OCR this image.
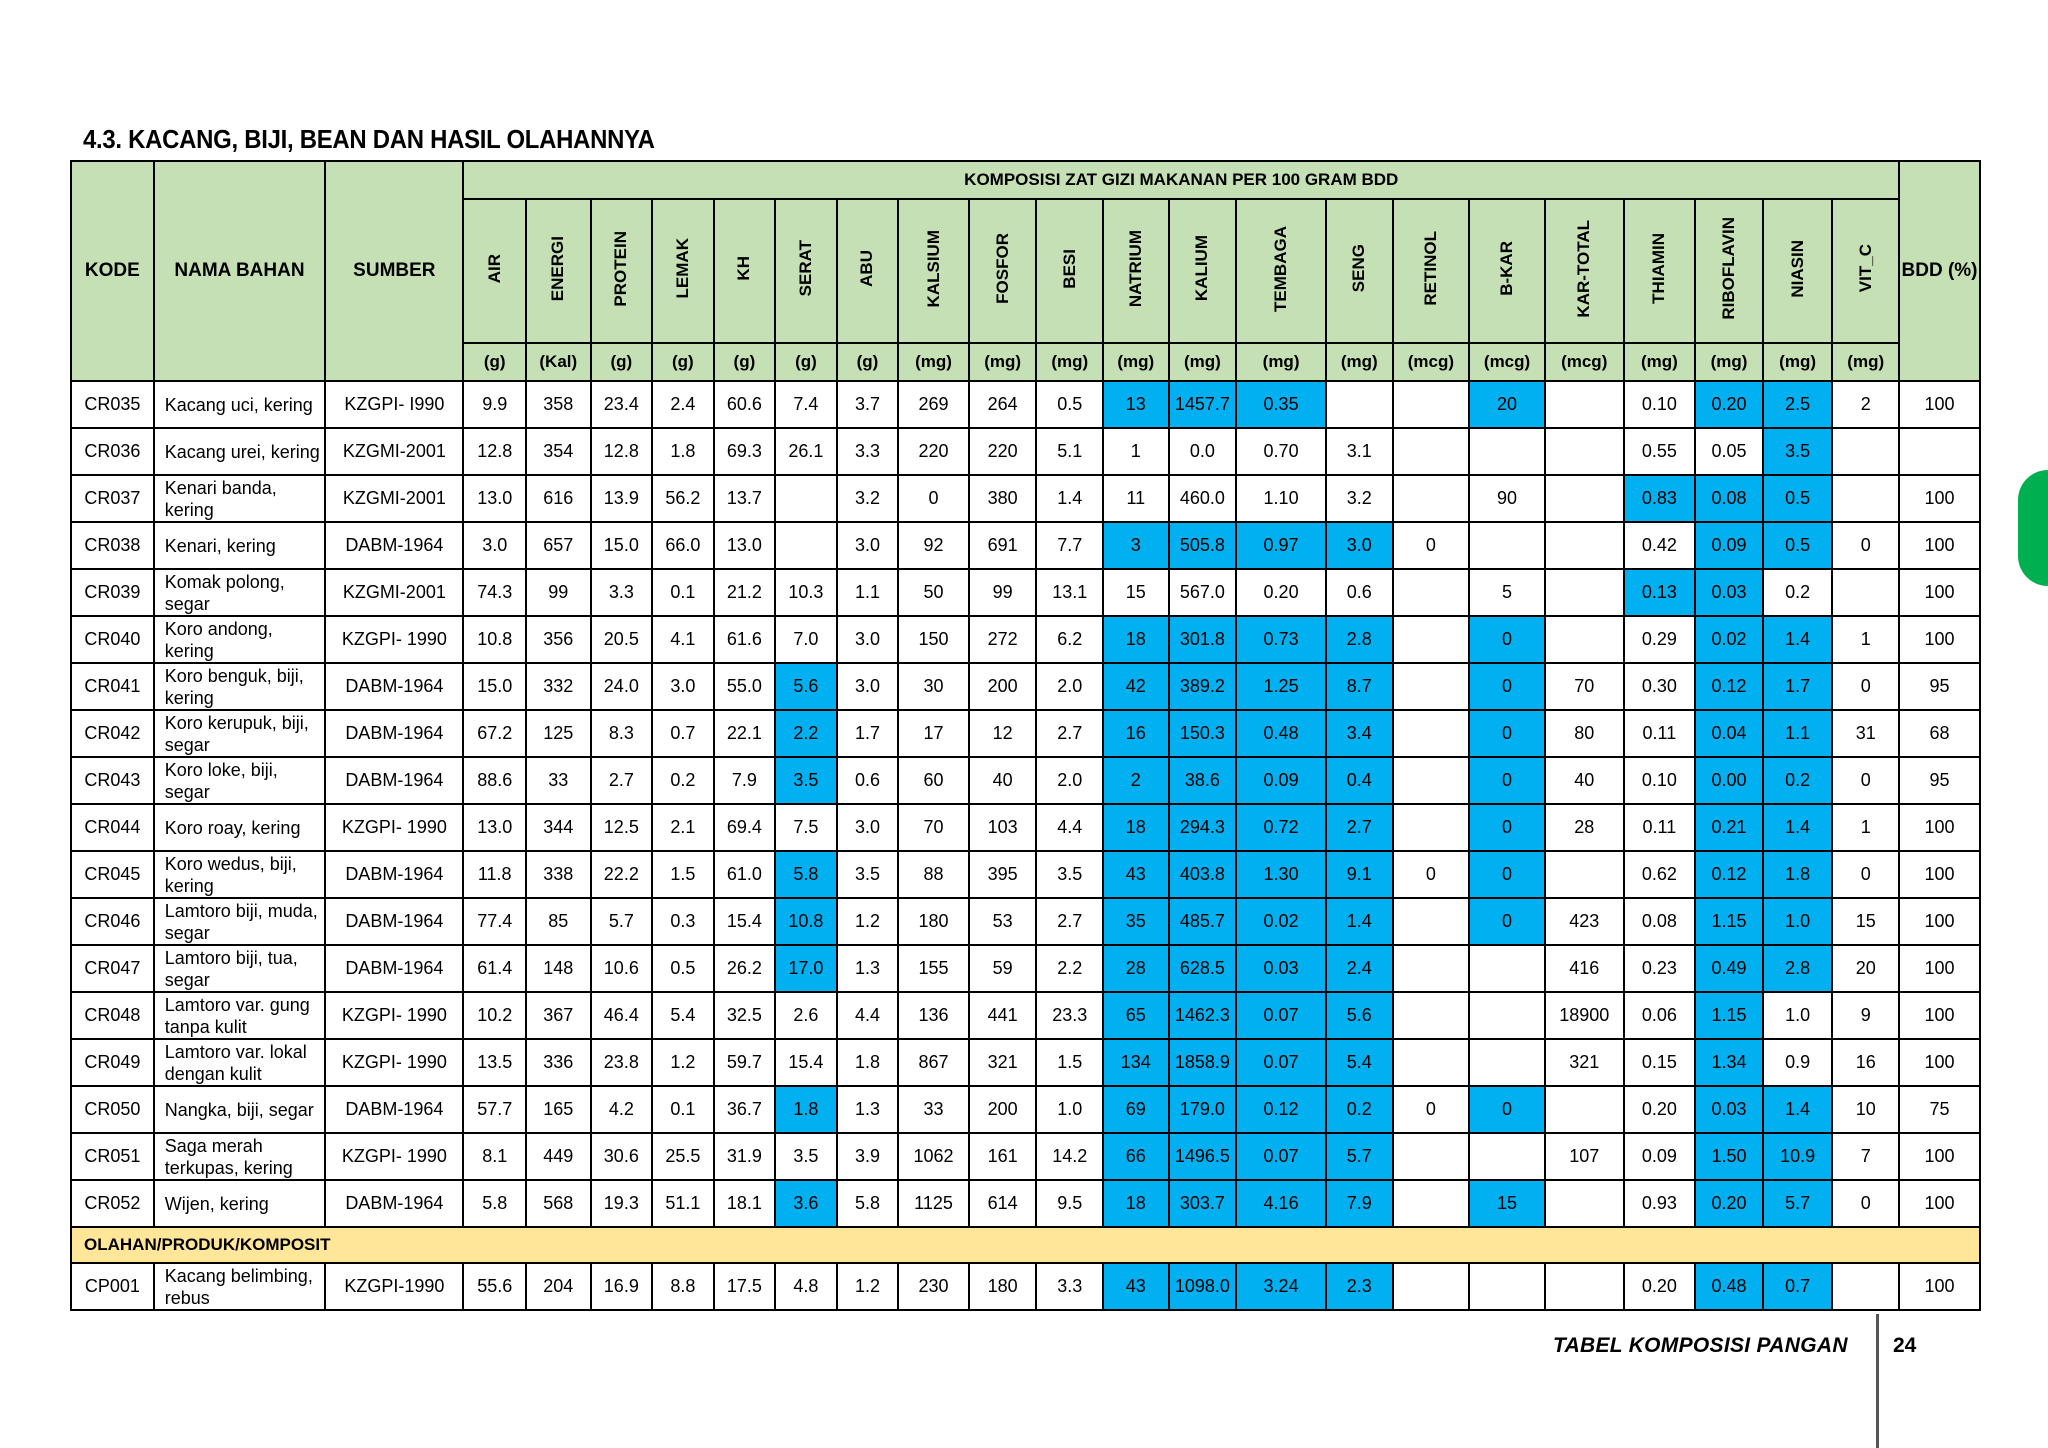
4.3. KACANG, BIJI, BEAN DAN HASIL OLAHANNYA
KODE	NAMA BAHAN	SUMBER	KOMPOSISI ZAT GIZI MAKANAN PER 100 GRAM BDD																					BDD (%)
			AIR	ENERGI	PROTEIN	LEMAK	KH	SERAT	ABU	KALSIUM	FOSFOR	BESI	NATRIUM	KALIUM	TEMBAGA	SENG	RETINOL	B-KAR	KAR-TOTAL	THIAMIN	RIBOFLAVIN	NIASIN	VIT_C	
			(g)	(Kal)	(g)	(g)	(g)	(g)	(g)	(mg)	(mg)	(mg)	(mg)	(mg)	(mg)	(mg)	(mcg)	(mcg)	(mcg)	(mg)	(mg)	(mg)	(mg)	
CR035	Kacang uci, kering	KZGPI- I990	9.9	358	23.4	2.4	60.6	7.4	3.7	269	264	0.5	13	1457.7	0.35			20		0.10	0.20	2.5	2	100
CR036	Kacang urei, kering	KZGMI-2001	12.8	354	12.8	1.8	69.3	26.1	3.3	220	220	5.1	1	0.0	0.70	3.1				0.55	0.05	3.5		
CR037	Kenari banda, kering	KZGMI-2001	13.0	616	13.9	56.2	13.7		3.2	0	380	1.4	11	460.0	1.10	3.2		90		0.83	0.08	0.5		100
CR038	Kenari, kering	DABM-1964	3.0	657	15.0	66.0	13.0		3.0	92	691	7.7	3	505.8	0.97	3.0	0			0.42	0.09	0.5	0	100
CR039	Komak polong, segar	KZGMI-2001	74.3	99	3.3	0.1	21.2	10.3	1.1	50	99	13.1	15	567.0	0.20	0.6		5		0.13	0.03	0.2		100
CR040	Koro andong, kering	KZGPI- 1990	10.8	356	20.5	4.1	61.6	7.0	3.0	150	272	6.2	18	301.8	0.73	2.8		0		0.29	0.02	1.4	1	100
CR041	Koro benguk, biji, kering	DABM-1964	15.0	332	24.0	3.0	55.0	5.6	3.0	30	200	2.0	42	389.2	1.25	8.7		0	70	0.30	0.12	1.7	0	95
CR042	Koro kerupuk, biji, segar	DABM-1964	67.2	125	8.3	0.7	22.1	2.2	1.7	17	12	2.7	16	150.3	0.48	3.4		0	80	0.11	0.04	1.1	31	68
CR043	Koro loke, biji, segar	DABM-1964	88.6	33	2.7	0.2	7.9	3.5	0.6	60	40	2.0	2	38.6	0.09	0.4		0	40	0.10	0.00	0.2	0	95
CR044	Koro roay, kering	KZGPI- 1990	13.0	344	12.5	2.1	69.4	7.5	3.0	70	103	4.4	18	294.3	0.72	2.7		0	28	0.11	0.21	1.4	1	100
CR045	Koro wedus, biji, kering	DABM-1964	11.8	338	22.2	1.5	61.0	5.8	3.5	88	395	3.5	43	403.8	1.30	9.1	0	0		0.62	0.12	1.8	0	100
CR046	Lamtoro biji, muda, segar	DABM-1964	77.4	85	5.7	0.3	15.4	10.8	1.2	180	53	2.7	35	485.7	0.02	1.4		0	423	0.08	1.15	1.0	15	100
CR047	Lamtoro biji, tua, segar	DABM-1964	61.4	148	10.6	0.5	26.2	17.0	1.3	155	59	2.2	28	628.5	0.03	2.4			416	0.23	0.49	2.8	20	100
CR048	Lamtoro var. gung tanpa kulit	KZGPI- 1990	10.2	367	46.4	5.4	32.5	2.6	4.4	136	441	23.3	65	1462.3	0.07	5.6			18900	0.06	1.15	1.0	9	100
CR049	Lamtoro var. lokal dengan kulit	KZGPI- 1990	13.5	336	23.8	1.2	59.7	15.4	1.8	867	321	1.5	134	1858.9	0.07	5.4			321	0.15	1.34	0.9	16	100
CR050	Nangka, biji, segar	DABM-1964	57.7	165	4.2	0.1	36.7	1.8	1.3	33	200	1.0	69	179.0	0.12	0.2	0	0		0.20	0.03	1.4	10	75
CR051	Saga merah terkupas, kering	KZGPI- 1990	8.1	449	30.6	25.5	31.9	3.5	3.9	1062	161	14.2	66	1496.5	0.07	5.7			107	0.09	1.50	10.9	7	100
CR052	Wijen, kering	DABM-1964	5.8	568	19.3	51.1	18.1	3.6	5.8	1125	614	9.5	18	303.7	4.16	7.9		15		0.93	0.20	5.7	0	100
OLAHAN/PRODUK/KOMPOSIT																								
CP001	Kacang belimbing, rebus	KZGPI-1990	55.6	204	16.9	8.8	17.5	4.8	1.2	230	180	3.3	43	1098.0	3.24	2.3				0.20	0.48	0.7		100
TABEL KOMPOSISI PANGAN 24
